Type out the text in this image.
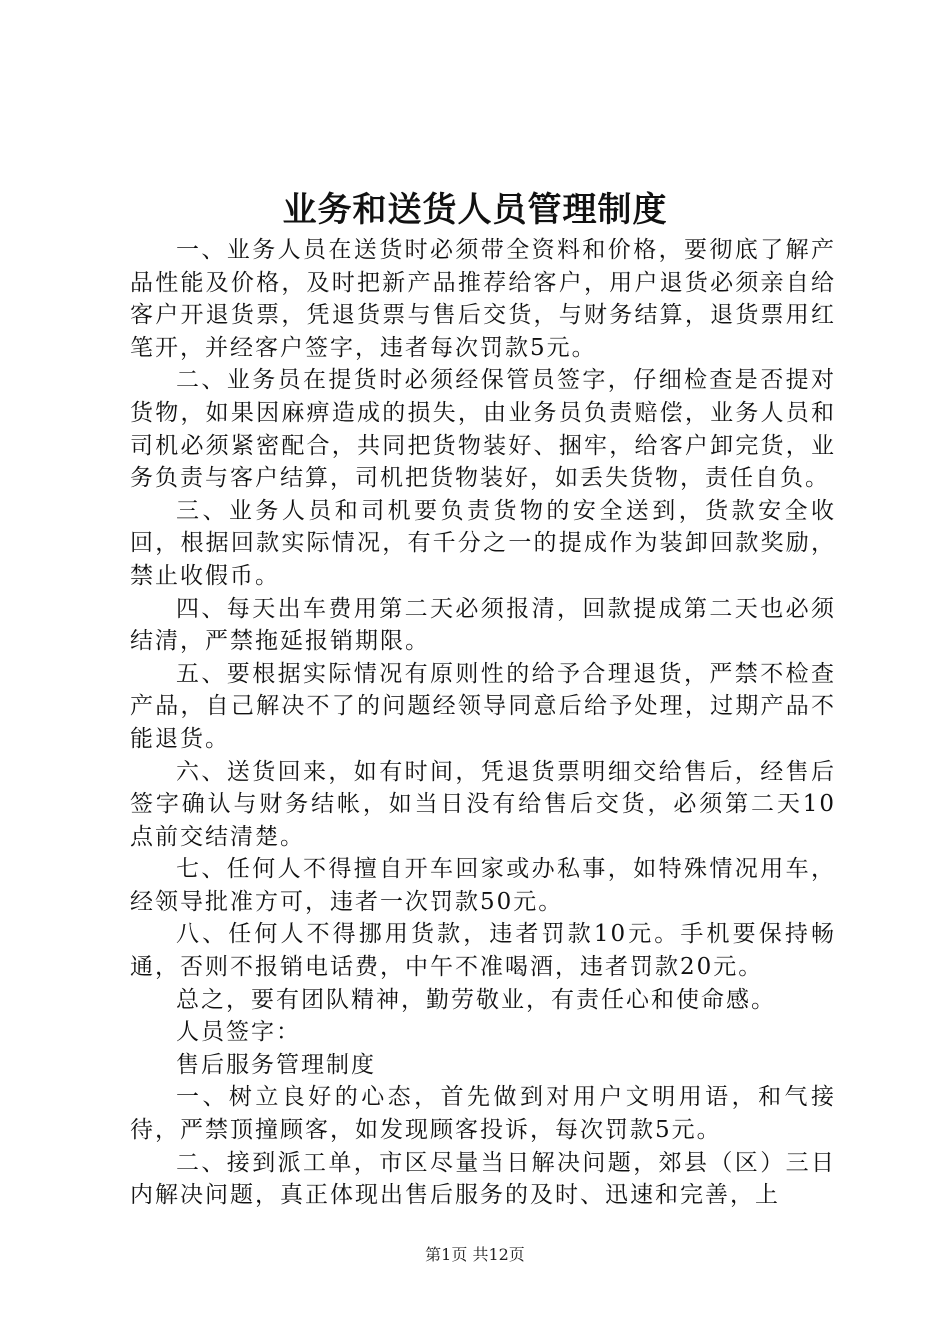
业务和送货人员管理制度

一、业务人员在送货时必须带全资料和价格，要彻底了解产品性能及价格，及时把新产品推荐给客户，用户退货必须亲自给客户开退货票，凭退货票与售后交货，与财务结算，退货票用红笔开，并经客户签字，违者每次罚款5元。

二、业务员在提货时必须经保管员签字，仔细检查是否提对货物，如果因麻痹造成的损失，由业务员负责赔偿，业务人员和司机必须紧密配合，共同把货物装好、捆牢，给客户卸完货，业务负责与客户结算，司机把货物装好，如丢失货物，责任自负。

三、业务人员和司机要负责货物的安全送到，货款安全收回，根据回款实际情况，有千分之一的提成作为装卸回款奖励，禁止收假币。

四、每天出车费用第二天必须报清，回款提成第二天也必须结清，严禁拖延报销期限。

五、要根据实际情况有原则性的给予合理退货，严禁不检查产品，自己解决不了的问题经领导同意后给予处理，过期产品不能退货。

六、送货回来，如有时间，凭退货票明细交给售后，经售后签字确认与财务结帐，如当日没有给售后交货，必须第二天10点前交结清楚。

七、任何人不得擅自开车回家或办私事，如特殊情况用车，经领导批准方可，违者一次罚款50元。

八、任何人不得挪用货款，违者罚款10元。手机要保持畅通，否则不报销电话费，中午不准喝酒，违者罚款20元。

总之，要有团队精神，勤劳敬业，有责任心和使命感。

人员签字：

售后服务管理制度

一、树立良好的心态，首先做到对用户文明用语，和气接待，严禁顶撞顾客，如发现顾客投诉，每次罚款5元。

二、接到派工单，市区尽量当日解决问题，郊县（区）三日内解决问题，真正体现出售后服务的及时、迅速和完善，上

第1页 共12页
